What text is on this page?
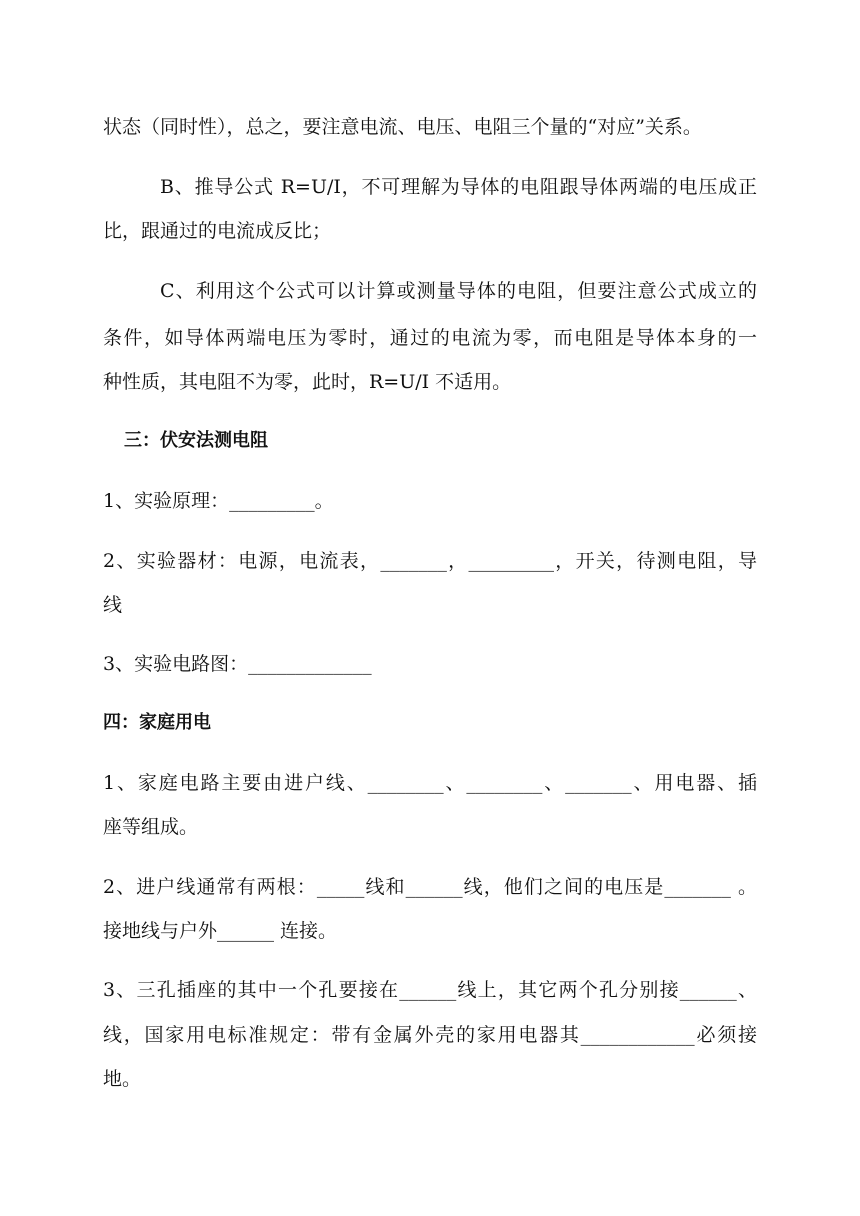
状态（同时性），总之，要注意电流、电压、电阻三个量的“对应”关系。
B、推导公式 R=U/I，不可理解为导体的电阻跟导体两端的电压成正
比，跟通过的电流成反比；
C、利用这个公式可以计算或测量导体的电阻，但要注意公式成立的
条件，如导体两端电压为零时，通过的电流为零，而电阻是导体本身的一
种性质，其电阻不为零，此时，R=U/I 不适用。
三：伏安法测电阻
1、实验原理：_________。
2、实验器材：电源，电流表，_______，_________，开关，待测电阻，导
线
3、实验电路图：_____________
四：家庭用电
1、家庭电路主要由进户线、________、________、_______、用电器、插
座等组成。
2、进户线通常有两根：_____线和______线，他们之间的电压是_______ 。
接地线与户外______ 连接。
3、三孔插座的其中一个孔要接在______线上，其它两个孔分别接______、
线，国家用电标准规定：带有金属外壳的家用电器其____________必须接
地。
